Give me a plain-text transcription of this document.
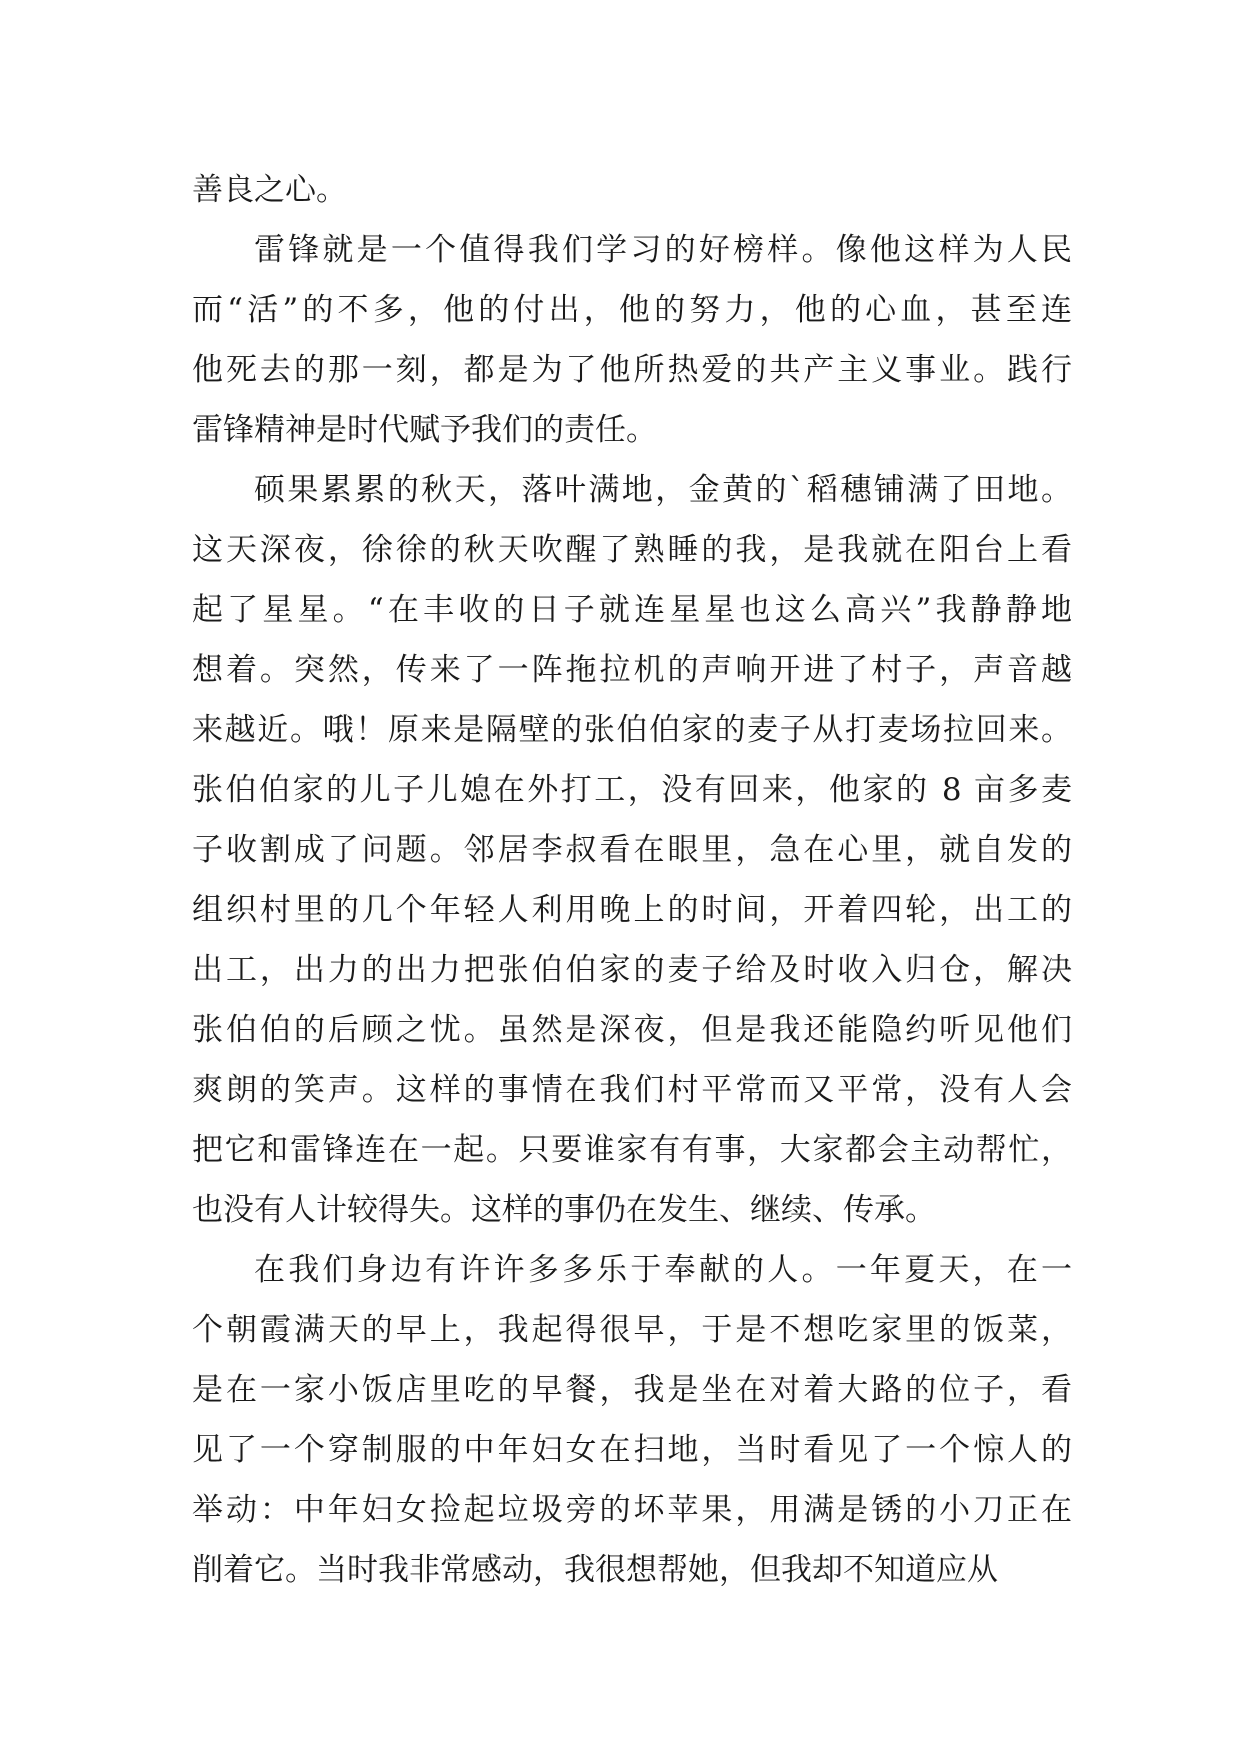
善良之心。
雷锋就是一个值得我们学习的好榜样。像他这样为人民
而“活”的不多，他的付出，他的努力，他的心血，甚至连
他死去的那一刻，都是为了他所热爱的共产主义事业。践行
雷锋精神是时代赋予我们的责任。
硕果累累的秋天，落叶满地，金黄的`稻穗铺满了田地。
这天深夜，徐徐的秋天吹醒了熟睡的我，是我就在阳台上看
起了星星。“在丰收的日子就连星星也这么高兴”我静静地
想着。突然，传来了一阵拖拉机的声响开进了村子，声音越
来越近。哦！原来是隔壁的张伯伯家的麦子从打麦场拉回来。
张伯伯家的儿子儿媳在外打工，没有回来，他家的 8 亩多麦
子收割成了问题。邻居李叔看在眼里，急在心里，就自发的
组织村里的几个年轻人利用晚上的时间，开着四轮，出工的
出工，出力的出力把张伯伯家的麦子给及时收入归仓，解决
张伯伯的后顾之忧。虽然是深夜，但是我还能隐约听见他们
爽朗的笑声。这样的事情在我们村平常而又平常，没有人会
把它和雷锋连在一起。只要谁家有有事，大家都会主动帮忙，
也没有人计较得失。这样的事仍在发生、继续、传承。
在我们身边有许许多多乐于奉献的人。一年夏天，在一
个朝霞满天的早上，我起得很早，于是不想吃家里的饭菜，
是在一家小饭店里吃的早餐，我是坐在对着大路的位子，看
见了一个穿制服的中年妇女在扫地，当时看见了一个惊人的
举动：中年妇女捡起垃圾旁的坏苹果，用满是锈的小刀正在
削着它。当时我非常感动，我很想帮她，但我却不知道应从
